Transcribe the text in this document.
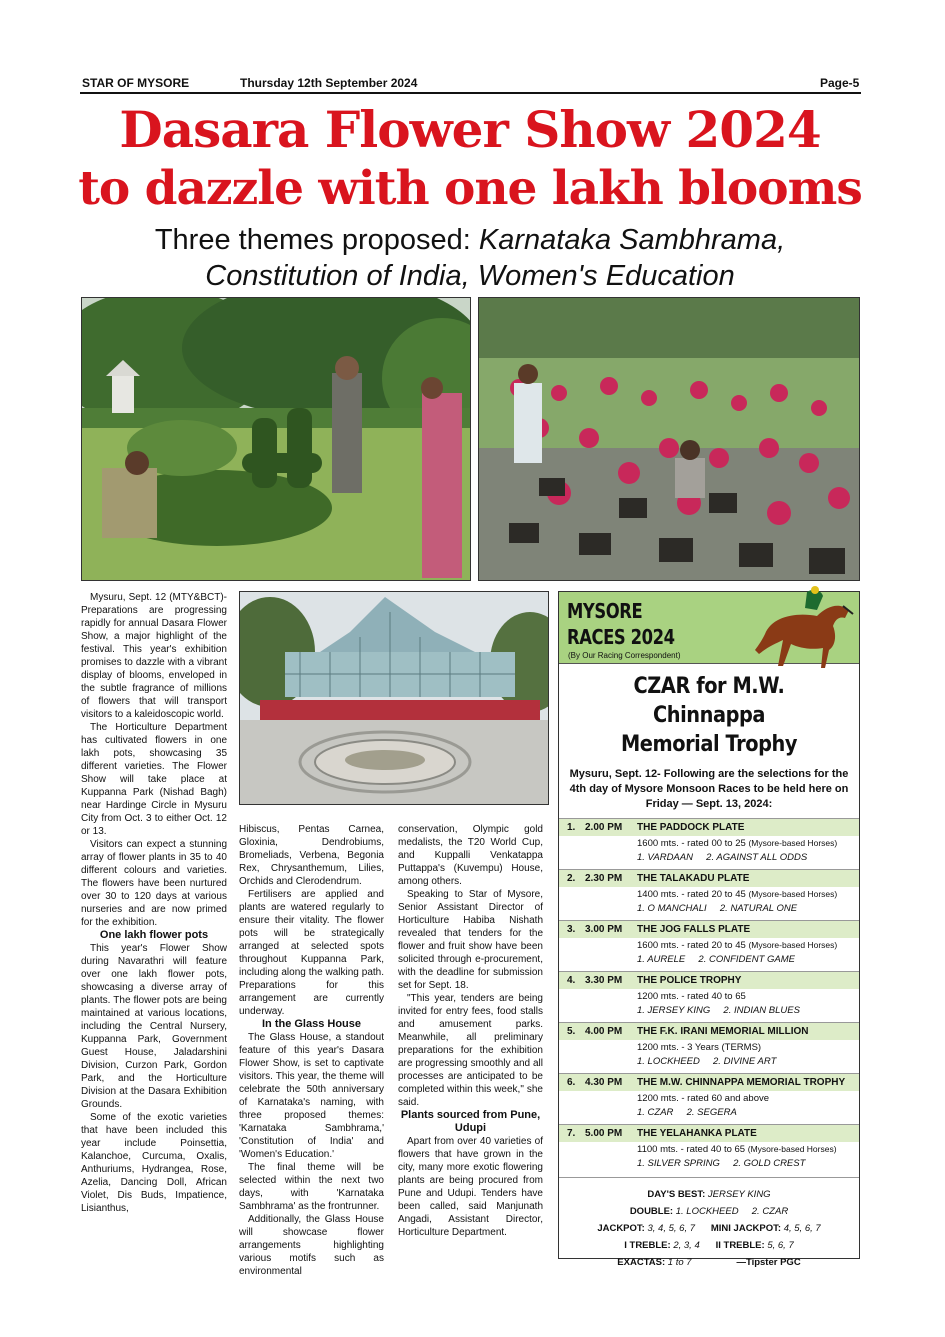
STAR OF MYSORE	Thursday 12th September 2024	Page-5
Dasara Flower Show 2024
to dazzle with one lakh blooms
Three themes proposed: Karnataka Sambhrama,
Constitution of India, Women's Education

Mysuru, Sept. 12 (MTY&BCT)- Preparations are progressing rapidly for annual Dasara Flower Show, a major highlight of the festival. This year's exhibition promises to dazzle with a vibrant display of blooms, enveloped in the subtle fragrance of millions of flowers that will transport visitors to a kaleidoscopic world.

The Horticulture Department has cultivated flowers in one lakh pots, showcasing 35 different varieties. The Flower Show will take place at Kuppanna Park (Nishad Bagh) near Hardinge Circle in Mysuru City from Oct. 3 to either Oct. 12 or 13.

Visitors can expect a stunning array of flower plants in 35 to 40 different colours and varieties. The flowers have been nurtured over 30 to 120 days at various nurseries and are now primed for the exhibition.

One lakh flower pots

This year's Flower Show during Navarathri will feature over one lakh flower pots, showcasing a diverse array of plants. The flower pots are being maintained at various locations, including the Central Nursery, Kuppanna Park, Government Guest House, Jaladarshini Division, Curzon Park, Gordon Park, and the Horticulture Division at the Dasara Exhibition Grounds.

Some of the exotic varieties that have been included this year include Poinsettia, Kalanchoe, Curcuma, Oxalis, Anthuriums, Hydrangea, Rose, Azelia, Dancing Doll, African Violet, Dis Buds, Impatience, Lisianthus,

Hibiscus, Pentas Carnea, Gloxinia, Dendrobiums, Bromeliads, Verbena, Begonia Rex, Chrysanthemum, Lilies, Orchids and Clerodendrum.

Fertilisers are applied and plants are watered regularly to ensure their vitality. The flower pots will be strategically arranged at selected spots throughout Kuppanna Park, including along the walking path. Preparations for this arrangement are currently underway.

In the Glass House

The Glass House, a standout feature of this year's Dasara Flower Show, is set to captivate visitors. This year, the theme will celebrate the 50th anniversary of Karnataka's naming, with three proposed themes: 'Karnataka Sambhrama,' 'Constitution of India' and 'Women's Education.'

The final theme will be selected within the next two days, with 'Karnataka Sambhrama' as the frontrunner.

Additionally, the Glass House will showcase flower arrangements highlighting various motifs such as environmental

conservation, Olympic gold medalists, the T20 World Cup, and Kuppalli Venkatappa Puttappa's (Kuvempu) House, among others.

Speaking to Star of Mysore, Senior Assistant Director of Horticulture Habiba Nishath revealed that tenders for the flower and fruit show have been solicited through e-procurement, with the deadline for submission set for Sept. 18.

"This year, tenders are being invited for entry fees, food stalls and amusement parks. Meanwhile, all preliminary preparations for the exhibition are progressing smoothly and all processes are anticipated to be completed within this week," she said.

Plants sourced from Pune, Udupi

Apart from over 40 varieties of flowers that have grown in the city, many more exotic flowering plants are being procured from Pune and Udupi. Tenders have been called, said Manjunath Angadi, Assistant Director, Horticulture Department.

MYSORE
RACES 2024
(By Our Racing Correspondent)
CZAR for M.W. Chinnappa
Memorial Trophy
Mysuru, Sept. 12- Following are the selections for the 4th day of Mysore Monsoon Races to be held here on Friday — Sept. 13, 2024:
1. 2.00 PM THE PADDOCK PLATE
1600 mts. - rated 00 to 25 (Mysore-based Horses)
1. VARDAAN     2. AGAINST ALL ODDS
2. 2.30 PM THE TALAKADU PLATE
1400 mts. - rated 20 to 45 (Mysore-based Horses)
1. O MANCHALI     2. NATURAL ONE
3. 3.00 PM THE JOG FALLS PLATE
1600 mts. - rated 20 to 45 (Mysore-based Horses)
1. AURELE     2. CONFIDENT GAME
4. 3.30 PM THE POLICE TROPHY
1200 mts. - rated 40 to 65
1. JERSEY KING     2. INDIAN BLUES
5. 4.00 PM THE F.K. IRANI MEMORIAL MILLION
1200 mts. - 3 Years (TERMS)
1. LOCKHEED     2. DIVINE ART
6. 4.30 PM THE M.W. CHINNAPPA MEMORIAL TROPHY
1200 mts. - rated 60 and above
1. CZAR     2. SEGERA
7. 5.00 PM THE YELAHANKA PLATE
1100 mts. - rated 40 to 65 (Mysore-based Horses)
1. SILVER SPRING     2. GOLD CREST
DAY'S BEST: JERSEY KING
DOUBLE: 1. LOCKHEED     2. CZAR
JACKPOT: 3, 4, 5, 6, 7 MINI JACKPOT: 4, 5, 6, 7
I TREBLE: 2, 3, 4 II TREBLE: 5, 6, 7
EXACTAS: 1 to 7	—Tipster PGC
